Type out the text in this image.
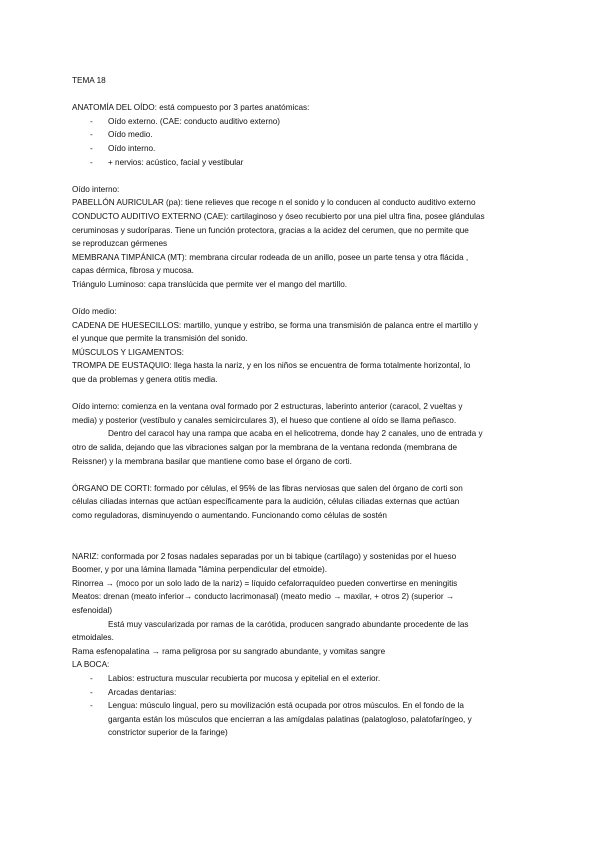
TEMA 18

ANATOMÍA DEL OÍDO: está compuesto por 3 partes anatómicas:

- Oído externo. (CAE: conducto auditivo externo)
- Oído medio.
- Oído interno.
- + nervios: acústico, facial y vestibular

Oído interno:

PABELLÓN AURICULAR (pa): tiene relieves que recoge n el sonido y lo conducen al conducto auditivo externo

CONDUCTO AUDITIVO EXTERNO (CAE): cartilaginoso y óseo recubierto por una piel ultra fina, posee glándulas

ceruminosas y sudoríparas. Tiene un función protectora, gracias a la acidez del cerumen, que no permite que

se reproduzcan gérmenes

MEMBRANA TIMPÁNICA (MT): membrana circular rodeada de un anillo, posee un parte tensa y otra flácida ,

capas dérmica, fibrosa y mucosa.

Triángulo Luminoso: capa translúcida que permite ver el mango del martillo.

Oído medio:

CADENA DE HUESECILLOS: martillo, yunque y estribo, se forma una transmisión de palanca entre el martillo y

el yunque que permite la transmisión del sonido.

MÚSCULOS Y LIGAMENTOS:

TROMPA DE EUSTAQUIO: llega hasta la nariz, y en los niños se encuentra de forma totalmente horizontal, lo

que da problemas y genera otitis media.

Oído interno: comienza en la ventana oval formado por 2 estructuras, laberinto anterior (caracol, 2 vueltas y

media) y posterior (vestíbulo y canales semicirculares 3), el hueso que contiene al oído se llama peñasco.

Dentro del caracol hay una rampa que acaba en el helicotrema, donde hay 2 canales, uno de entrada y

otro de salida, dejando que las vibraciones salgan por la membrana de la ventana redonda (membrana de

Reissner) y la membrana basilar que mantiene como base el órgano de corti.

ÓRGANO DE CORTI: formado por células, el 95% de las fibras nerviosas que salen del órgano de corti son

células ciliadas internas que actúan específicamente para la audición, células ciliadas externas que actúan

como reguladoras, disminuyendo o aumentando. Funcionando como células de sostén

NARIZ: conformada por 2 fosas nadales separadas por un bi tabique (cartílago) y sostenidas por el hueso

Boomer, y por una lámina llamada "lámina perpendicular del etmoide).

Rinorrea → (moco por un solo lado de la nariz) = líquido cefalorraquídeo pueden convertirse en meningitis

Meatos: drenan (meato inferior→ conducto lacrimonasal) (meato medio → maxilar, + otros 2) (superior →

esfenoidal)

Está muy vascularizada por ramas de la carótida, producen sangrado abundante procedente de las

etmoidales.

Rama esfenopalatina → rama peligrosa por su sangrado abundante, y vomitas sangre

LA BOCA:

- Labios: estructura muscular recubierta por mucosa y epitelial en el exterior.
- Arcadas dentarias:
- Lengua: músculo lingual, pero su movilización está ocupada por otros músculos. En el fondo de la
garganta están los músculos que encierran a las amígdalas palatinas (palatogloso, palatofaríngeo, y
constrictor superior de la faringe)
